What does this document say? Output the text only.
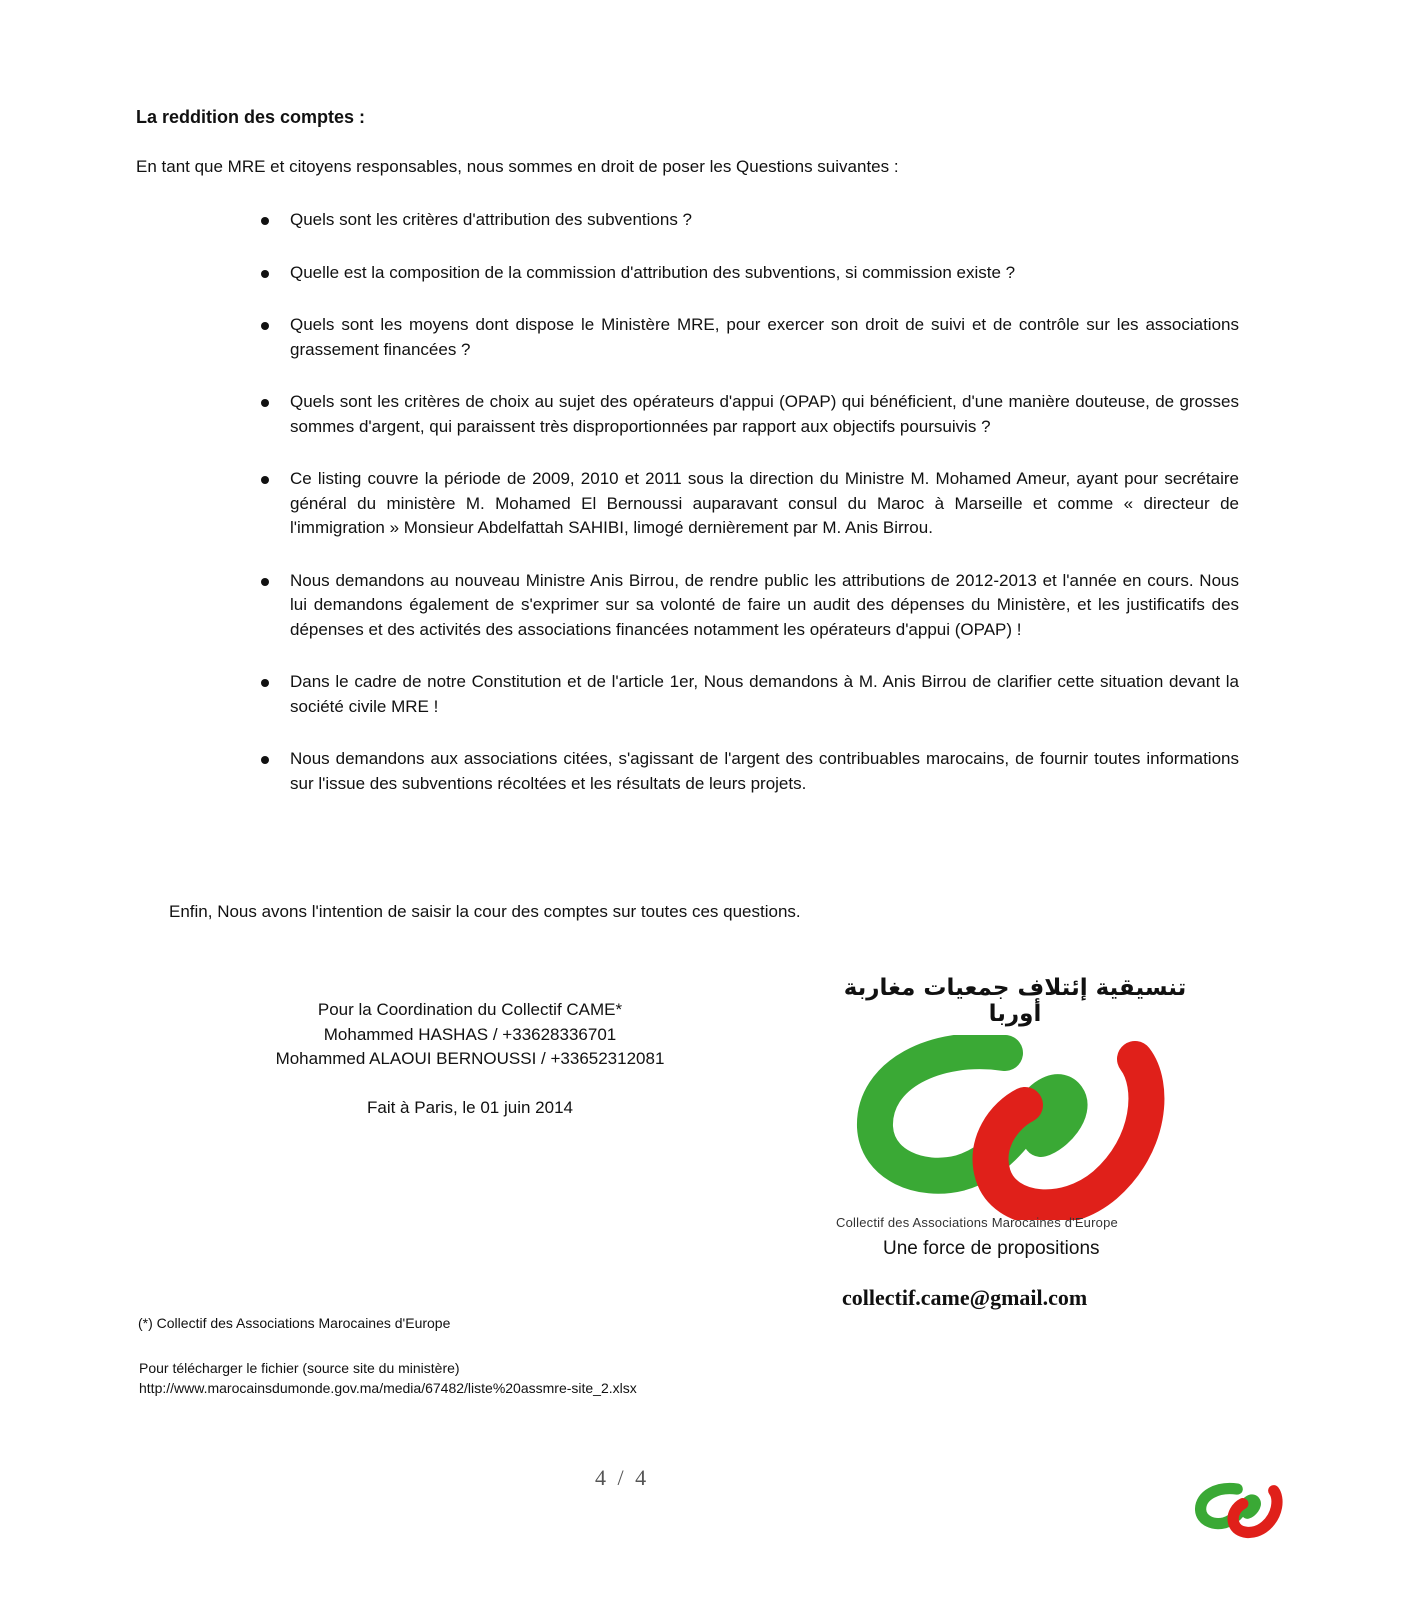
La reddition des comptes :
En tant que MRE et citoyens responsables, nous sommes en droit de poser les Questions suivantes :
Quels sont les critères d'attribution des subventions ?
Quelle est la composition de la commission d'attribution des subventions, si commission existe ?
Quels sont les moyens dont dispose le Ministère MRE, pour exercer son droit de suivi et de contrôle sur les associations grassement financées ?
Quels sont les critères de choix au sujet des opérateurs d'appui (OPAP) qui bénéficient, d'une manière douteuse, de grosses sommes d'argent, qui paraissent très disproportionnées par rapport aux objectifs poursuivis ?
Ce listing couvre la période de 2009, 2010 et 2011 sous la direction du Ministre M. Mohamed Ameur, ayant pour secrétaire général du ministère M. Mohamed El Bernoussi auparavant consul du Maroc à Marseille et comme « directeur de l'immigration » Monsieur Abdelfattah SAHIBI, limogé dernièrement par M. Anis Birrou.
Nous demandons au nouveau Ministre Anis Birrou, de rendre public les attributions de 2012-2013 et l'année en cours. Nous lui demandons également de s'exprimer sur sa volonté de faire un audit des dépenses du Ministère, et les justificatifs des dépenses et des activités des associations financées notamment les opérateurs d'appui (OPAP) !
Dans le cadre de notre Constitution et de l'article 1er, Nous demandons à M. Anis Birrou de clarifier cette situation devant la société civile MRE !
Nous demandons aux associations citées, s'agissant de l'argent des contribuables marocains, de fournir toutes informations sur l'issue des subventions récoltées et les résultats de leurs projets.
Enfin, Nous avons l'intention de saisir la cour des comptes sur toutes ces questions.
Pour la Coordination du Collectif CAME*
Mohammed HASHAS / +33628336701
Mohammed ALAOUI BERNOUSSI / +33652312081
Fait à Paris, le 01 juin 2014
تنسيقية إئتلاف جمعيات مغاربة أوربا
Collectif des Associations Marocaines d'Europe
Une force de propositions
collectif.came@gmail.com
(*) Collectif des Associations Marocaines d'Europe
Pour télécharger le fichier (source site du ministère)
http://www.marocainsdumonde.gov.ma/media/67482/liste%20assmre-site_2.xlsx
4 / 4
